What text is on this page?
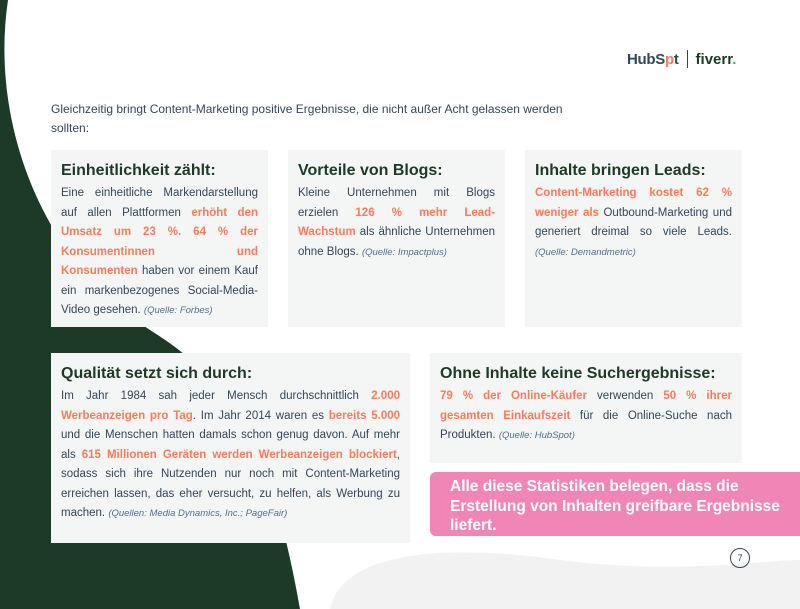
HubSpt fiverr.
Gleichzeitig bringt Content-Marketing positive Ergebnisse, die nicht außer Acht gelassen werden sollten:
Einheitlichkeit zählt:
Eine einheitliche Markendarstellung auf allen Plattformen erhöht den Umsatz um 23 %. 64 % der Konsumentinnen und Konsumenten haben vor einem Kauf ein markenbezogenes Social-Media-Video gesehen. (Quelle: Forbes)
Vorteile von Blogs:
Kleine Unternehmen mit Blogs erzielen 126 % mehr Lead-Wachstum als ähnliche Unternehmen ohne Blogs. (Quelle: Impactplus)
Inhalte bringen Leads:
Content-Marketing kostet 62 % weniger als Outbound-Marketing und generiert dreimal so viele Leads. (Quelle: Demandmetric)
Qualität setzt sich durch:
Im Jahr 1984 sah jeder Mensch durchschnittlich 2.000 Werbeanzeigen pro Tag. Im Jahr 2014 waren es bereits 5.000 und die Menschen hatten damals schon genug davon. Auf mehr als 615 Millionen Geräten werden Werbeanzeigen blockiert, sodass sich ihre Nutzenden nur noch mit Content-Marketing erreichen lassen, das eher versucht, zu helfen, als Werbung zu machen. (Quellen: Media Dynamics, Inc.; PageFair)
Ohne Inhalte keine Suchergebnisse:
79 % der Online-Käufer verwenden 50 % ihrer gesamten Einkaufszeit für die Online-Suche nach Produkten. (Quelle: HubSpot)
Alle diese Statistiken belegen, dass die Erstellung von Inhalten greifbare Ergebnisse liefert.
7
